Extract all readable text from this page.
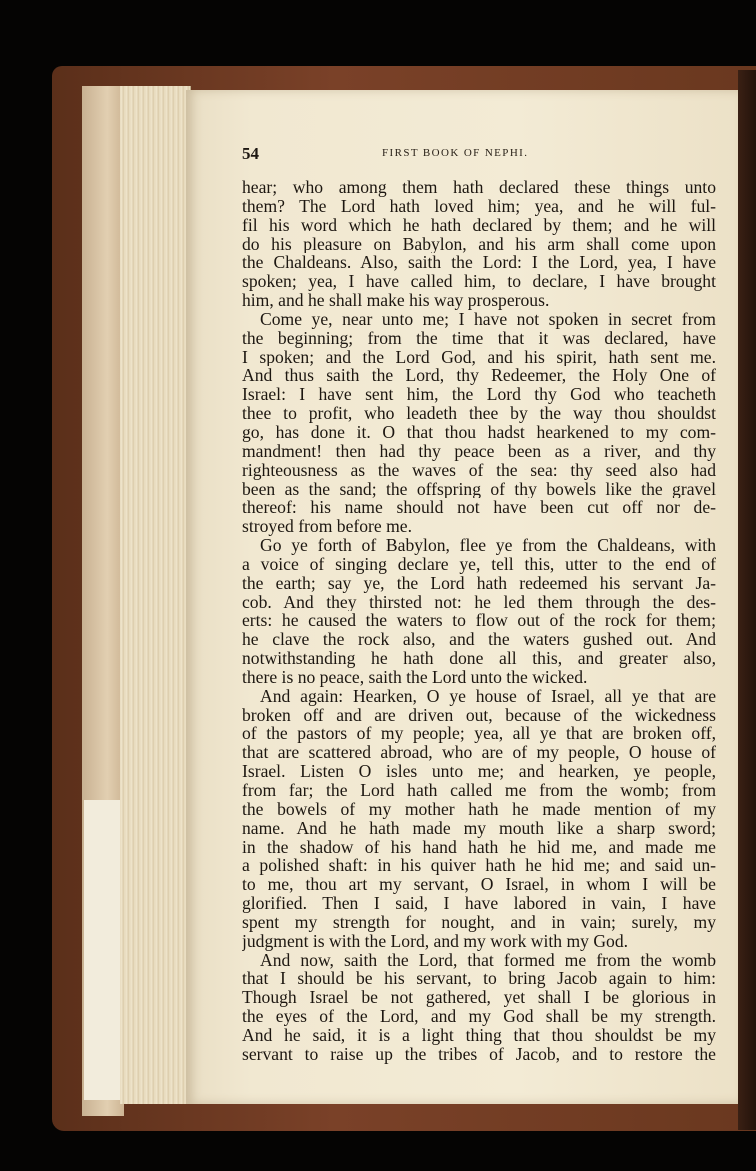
54	FIRST BOOK OF NEPHI.

hear; who among them hath declared these things unto
them? The Lord hath loved him; yea, and he will ful-
fil his word which he hath declared by them; and he will
do his pleasure on Babylon, and his arm shall come upon
the Chaldeans. Also, saith the Lord: I the Lord, yea, I have
spoken; yea, I have called him, to declare, I have brought
him, and he shall make his way prosperous.

Come ye, near unto me; I have not spoken in secret from
the beginning; from the time that it was declared, have
I spoken; and the Lord God, and his spirit, hath sent me.
And thus saith the Lord, thy Redeemer, the Holy One of
Israel: I have sent him, the Lord thy God who teacheth
thee to profit, who leadeth thee by the way thou shouldst
go, has done it. O that thou hadst hearkened to my com-
mandment! then had thy peace been as a river, and thy
righteousness as the waves of the sea: thy seed also had
been as the sand; the offspring of thy bowels like the gravel
thereof: his name should not have been cut off nor de-
stroyed from before me.

Go ye forth of Babylon, flee ye from the Chaldeans, with
a voice of singing declare ye, tell this, utter to the end of
the earth; say ye, the Lord hath redeemed his servant Ja-
cob. And they thirsted not: he led them through the des-
erts: he caused the waters to flow out of the rock for them;
he clave the rock also, and the waters gushed out. And
notwithstanding he hath done all this, and greater also,
there is no peace, saith the Lord unto the wicked.

And again: Hearken, O ye house of Israel, all ye that are
broken off and are driven out, because of the wickedness
of the pastors of my people; yea, all ye that are broken off,
that are scattered abroad, who are of my people, O house of
Israel. Listen O isles unto me; and hearken, ye people,
from far; the Lord hath called me from the womb; from
the bowels of my mother hath he made mention of my
name. And he hath made my mouth like a sharp sword;
in the shadow of his hand hath he hid me, and made me
a polished shaft: in his quiver hath he hid me; and said un-
to me, thou art my servant, O Israel, in whom I will be
glorified. Then I said, I have labored in vain, I have
spent my strength for nought, and in vain; surely, my
judgment is with the Lord, and my work with my God.

And now, saith the Lord, that formed me from the womb
that I should be his servant, to bring Jacob again to him:
Though Israel be not gathered, yet shall I be glorious in
the eyes of the Lord, and my God shall be my strength.
And he said, it is a light thing that thou shouldst be my
servant to raise up the tribes of Jacob, and to restore the
